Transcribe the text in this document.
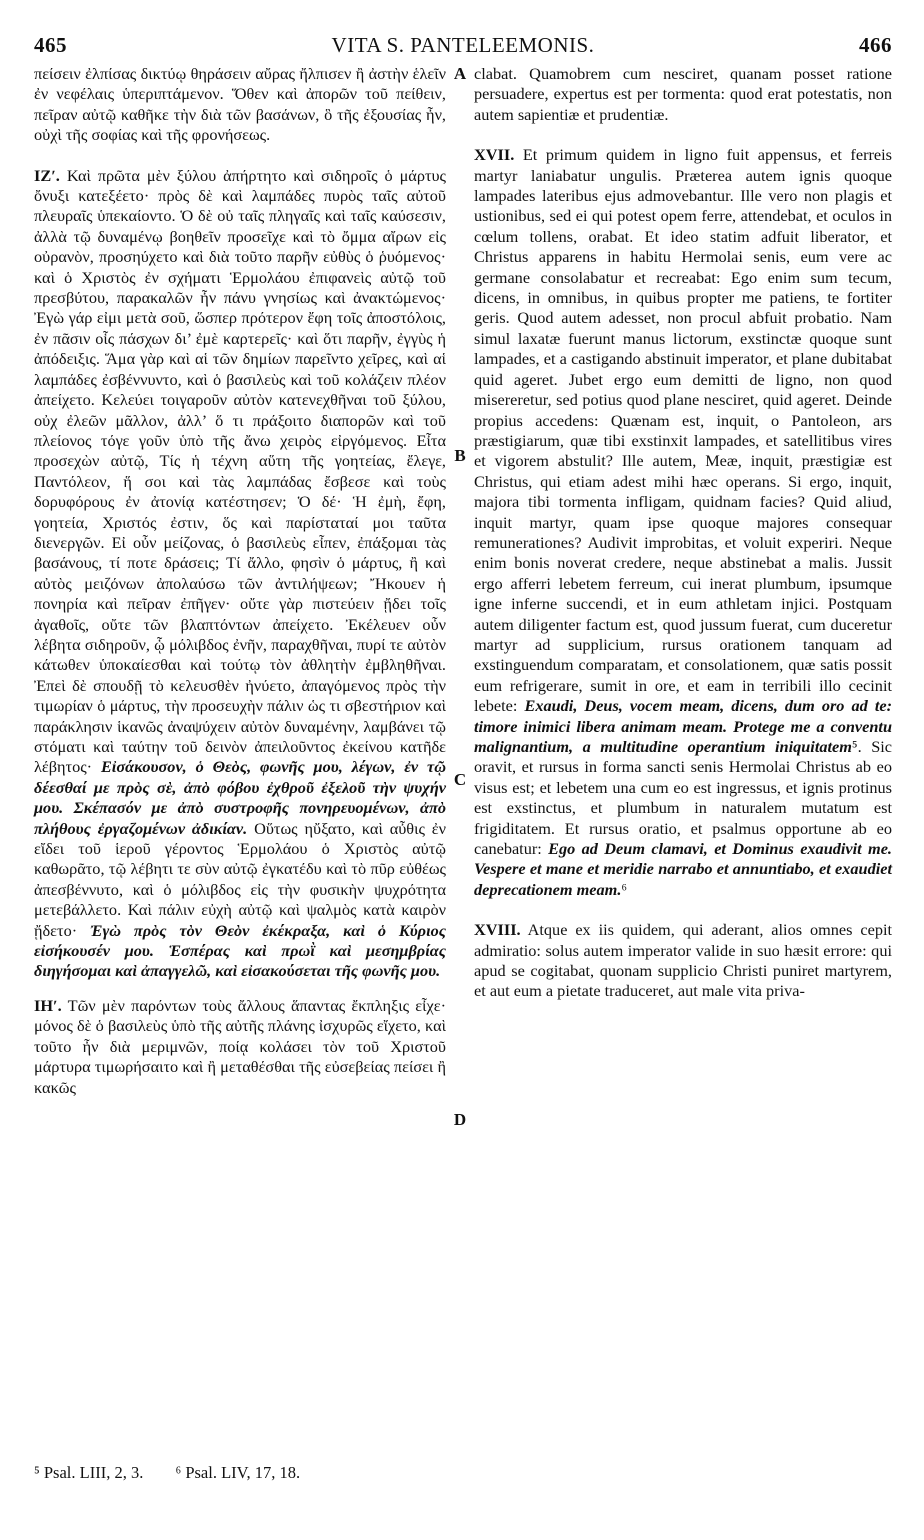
465	VITA S. PANTELEEMONIS.	466

πείσειν ἐλπίσας δικτύῳ θηράσειν αὔρας ἤλπισεν ἢ ἀστὴν ἑλεῖν ἐν νεφέλαις ὑπεριπτάμενον. Ὅθεν καὶ ἀπορῶν τοῦ πείθειν, πεῖραν αὐτῷ καθῆκε τὴν διὰ τῶν βασάνων, ὃ τῆς ἐξουσίας ἦν, οὐχὶ τῆς σοφίας καὶ τῆς φρονήσεως.

ΙΖʹ. Καὶ πρῶτα μὲν ξύλου ἀπήρτητο καὶ σιδηροῖς ὁ μάρτυς ὄνυξι κατεξέετο· πρὸς δὲ καὶ λαμπάδες πυρὸς ταῖς αὐτοῦ πλευραῖς ὑπεκαίοντο. Ὁ δὲ οὐ ταῖς πληγαῖς καὶ ταῖς καύσεσιν, ἀλλὰ τῷ δυναμένῳ βοηθεῖν προσεῖχε καὶ τὸ ὄμμα αἴρων εἰς οὐρανὸν, προσηύχετο καὶ διὰ τοῦτο παρῆν εὐθὺς ὁ ῥυόμενος· καὶ ὁ Χριστὸς ἐν σχήματι Ἑρμολάου ἐπιφανεὶς αὐτῷ τοῦ πρεσβύτου, παρακαλῶν ἦν πάνυ γνησίως καὶ ἀνακτώμενος· Ἐγὼ γάρ εἰμι μετὰ σοῦ, ὥσπερ πρότερον ἔφη τοῖς ἀποστόλοις, ἐν πᾶσιν οἷς πάσχων δι’ ἐμὲ καρτερεῖς· καὶ ὅτι παρῆν, ἐγγὺς ἡ ἀπόδειξις. Ἅμα γὰρ καὶ αἱ τῶν δημίων παρεῖντο χεῖρες, καὶ αἱ λαμπάδες ἐσβέννυντο, καὶ ὁ βασιλεὺς καὶ τοῦ κολάζειν πλέον ἀπείχετο. Κελεύει τοιγαροῦν αὐτὸν κατενεχθῆναι τοῦ ξύλου, οὐχ ἐλεῶν μᾶλλον, ἀλλ’ ὅ τι πράξοιτο διαπορῶν καὶ τοῦ πλείονος τόγε γοῦν ὑπὸ τῆς ἄνω χειρὸς εἰργόμενος. Εἶτα προσεχὼν αὐτῷ, Τίς ἡ τέχνη αὕτη τῆς γοητείας, ἔλεγε, Παντόλεον, ἥ σοι καὶ τὰς λαμπάδας ἔσβεσε καὶ τοὺς δορυφόρους ἐν ἀτονίᾳ κατέστησεν; Ὁ δέ· Ἡ ἐμὴ, ἔφη, γοητεία, Χριστός ἐστιν, ὅς καὶ παρίσταταί μοι ταῦτα διενεργῶν. Εἰ οὖν μείζονας, ὁ βασιλεὺς εἶπεν, ἐπάξομαι τὰς βασάνους, τί ποτε δράσεις; Τί ἄλλο, φησὶν ὁ μάρτυς, ἢ καὶ αὐτὸς μειζόνων ἀπολαύσω τῶν ἀντιλήψεων; Ἤκουεν ἡ πονηρία καὶ πεῖραν ἐπῆγεν· οὔτε γὰρ πιστεύειν ᾔδει τοῖς ἀγαθοῖς, οὔτε τῶν βλαπτόντων ἀπείχετο. Ἐκέλευεν οὖν λέβητα σιδηροῦν, ᾧ μόλιβδος ἐνῆν, παραχθῆναι, πυρί τε αὐτὸν κάτωθεν ὑποκαίεσθαι καὶ τούτῳ τὸν ἀθλητὴν ἐμβληθῆναι. Ἐπεὶ δὲ σπουδῇ τὸ κελευσθὲν ἠνύετο, ἀπαγόμενος πρὸς τὴν τιμωρίαν ὁ μάρτυς, τὴν προσευχὴν πάλιν ὡς τι σβεστήριον καὶ παράκλησιν ἱκανῶς ἀναψύχειν αὐτὸν δυναμένην, λαμβάνει τῷ στόματι καὶ ταύτην τοῦ δεινὸν ἀπειλοῦντος ἐκείνου κατῆδε λέβητος· Εἰσάκουσον, ὁ Θεὸς, φωνῆς μου, λέγων, ἐν τῷ δέεσθαί με πρὸς σὲ, ἀπὸ φόβου ἐχθροῦ ἐξελοῦ τὴν ψυχήν μου. Σκέπασόν με ἀπὸ συστροφῆς πονηρευομένων, ἀπὸ πλήθους ἐργαζομένων ἀδικίαν. Οὕτως ηὔξατο, καὶ αὖθις ἐν εἴδει τοῦ ἱεροῦ γέροντος Ἑρμολάου ὁ Χριστὸς αὐτῷ καθωρᾶτο, τῷ λέβητι τε σὺν αὐτῷ ἐγκατέδυ καὶ τὸ πῦρ εὐθέως ἀπεσβέννυτο, καὶ ὁ μόλιβδος εἰς τὴν φυσικὴν ψυχρότητα μετεβάλλετο. Καὶ πάλιν εὐχὴ αὐτῷ καὶ ψαλμὸς κατὰ καιρὸν ᾔδετο· Ἐγὼ πρὸς τὸν Θεὸν ἐκέκραξα, καὶ ὁ Κύριος εἰσήκουσέν μου. Ἑσπέρας καὶ πρωῒ καὶ μεσημβρίας διηγήσομαι καὶ ἀπαγγελῶ, καὶ εἰσακούσεται τῆς φωνῆς μου.

ΙΗʹ. Τῶν μὲν παρόντων τοὺς ἄλλους ἅπαντας ἔκπληξις εἶχε· μόνος δὲ ὁ βασιλεὺς ὑπὸ τῆς αὐτῆς πλάνης ἰσχυρῶς εἴχετο, καὶ τοῦτο ἦν διὰ μεριμνῶν, ποίᾳ κολάσει τὸν τοῦ Χριστοῦ μάρτυρα τιμωρήσαιτο καὶ ἢ μεταθέσθαι τῆς εὐσεβείας πείσει ἢ κακῶς

A
B
C
D

clabat. Quamobrem cum nesciret, quanam posset ratione persuadere, expertus est per tormenta: quod erat potestatis, non autem sapientiæ et prudentiæ.

XVII. Et primum quidem in ligno fuit appensus, et ferreis martyr laniabatur ungulis. Præterea autem ignis quoque lampades lateribus ejus admovebantur. Ille vero non plagis et ustionibus, sed ei qui potest opem ferre, attendebat, et oculos in cœlum tollens, orabat. Et ideo statim adfuit liberator, et Christus apparens in habitu Hermolai senis, eum vere ac germane consolabatur et recreabat: Ego enim sum tecum, dicens, in omnibus, in quibus propter me patiens, te fortiter geris. Quod autem adesset, non procul abfuit probatio. Nam simul laxatæ fuerunt manus lictorum, exstinctæ quoque sunt lampades, et a castigando abstinuit imperator, et plane dubitabat quid ageret. Jubet ergo eum demitti de ligno, non quod misereretur, sed potius quod plane nesciret, quid ageret. Deinde propius accedens: Quænam est, inquit, o Pantoleon, ars præstigiarum, quæ tibi exstinxit lampades, et satellitibus vires et vigorem abstulit? Ille autem, Meæ, inquit, præstigiæ est Christus, qui etiam adest mihi hæc operans. Si ergo, inquit, majora tibi tormenta infligam, quidnam facies? Quid aliud, inquit martyr, quam ipse quoque majores consequar remunerationes? Audivit improbitas, et voluit experiri. Neque enim bonis noverat credere, neque abstinebat a malis. Jussit ergo afferri lebetem ferreum, cui inerat plumbum, ipsumque igne inferne succendi, et in eum athletam injici. Postquam autem diligenter factum est, quod jussum fuerat, cum duceretur martyr ad supplicium, rursus orationem tanquam ad exstinguendum comparatam, et consolationem, quæ satis possit eum refrigerare, sumit in ore, et eam in terribili illo cecinit lebete: Exaudi, Deus, vocem meam, dicens, dum oro ad te: timore inimici libera animam meam. Protege me a conventu malignantium, a multitudine operantium iniquitatem⁵. Sic oravit, et rursus in forma sancti senis Hermolai Christus ab eo visus est; et lebetem una cum eo est ingressus, et ignis protinus est exstinctus, et plumbum in naturalem mutatum est frigiditatem. Et rursus oratio, et psalmus opportune ab eo canebatur: Ego ad Deum clamavi, et Dominus exaudivit me. Vespere et mane et meridie narrabo et annuntiabo, et exaudiet deprecationem meam.⁶

XVIII. Atque ex iis quidem, qui aderant, alios omnes cepit admiratio: solus autem imperator valide in suo hæsit errore: qui apud se cogitabat, quonam supplicio Christi puniret martyrem, et aut eum a pietate traduceret, aut male vita priva-

⁵ Psal. LIII, 2, 3. ⁶ Psal. LIV, 17, 18.
